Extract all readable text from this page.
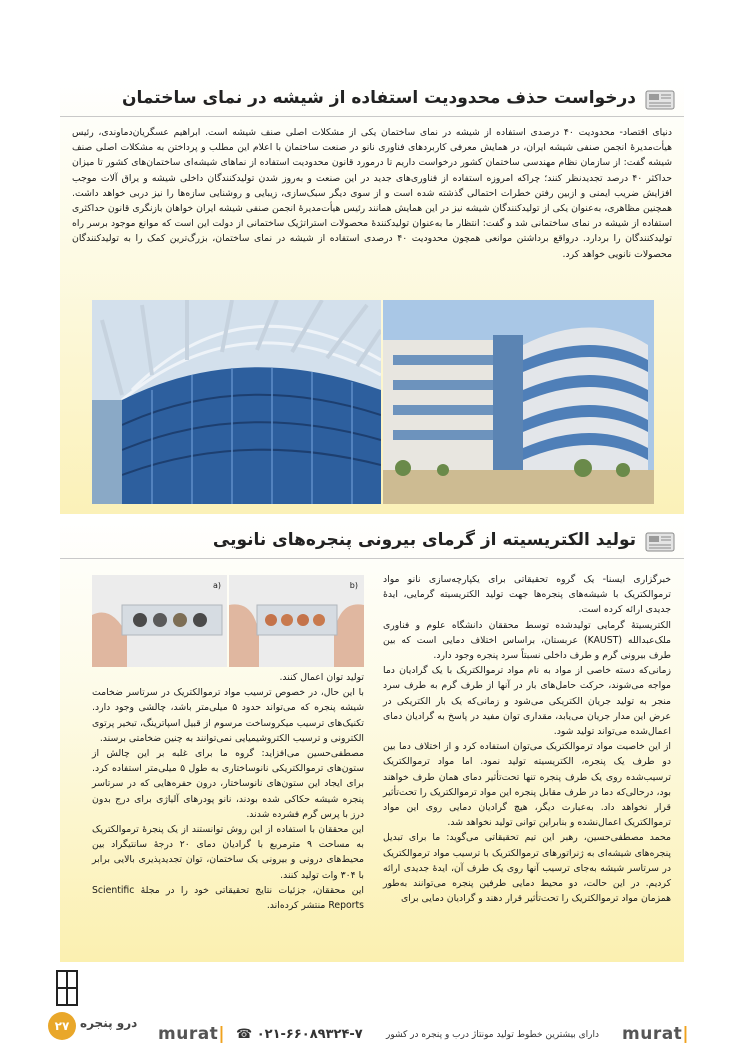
درخواست حذف محدودیت استفاده از شیشه در نمای ساختمان
دنیای اقتصاد- محدودیت ۴۰ درصدی استفاده از شیشه در نمای ساختمان یکی از مشکلات اصلی صنف شیشه است. ابراهیم عسگریان‌دماوندی، رئیس هیأت‌مدیرهٔ انجمن صنفی شیشه ایران، در همایش معرفی کاربردهای فناوری نانو در صنعت ساختمان با اعلام این مطلب و پرداختن به مشکلات اصلی صنف شیشه گفت: از سازمان نظام مهندسی ساختمان کشور درخواست داریم تا درمورد قانون محدودیت استفاده از نماهای شیشه‌ای ساختمان‌های کشور تا میزان حداکثر ۴۰ درصد تجدیدنظر کنند؛ چراکه امروزه استفاده از فناوری‌های جدید در این صنعت و به‌روز شدن تولیدکنندگان داخلی شیشه و یراق آلات موجب افزایش ضریب ایمنی و ازبین رفتن خطرات احتمالی گذشته شده است و از سوی دیگر سبک‌سازی، زیبایی و روشنایی سازه‌ها را نیز دربی خواهد داشت. همچنین مظاهری، به‌عنوان یکی از تولیدکنندگان شیشه نیز در این همایش همانند رئیس هیأت‌مدیرهٔ انجمن صنفی شیشه ایران خواهان بازنگری قانون حداکثری استفاده از شیشه در نمای ساختمانی شد و گفت: انتظار ما به‌عنوان تولیدکنندهٔ محصولات استراتژیک ساختمانی از دولت این است که موانع موجود برسر راه تولیدکنندگان را بردارد. درواقع برداشتن موانعی همچون محدودیت ۴۰ درصدی استفاده از شیشه در نمای ساختمان، بزرگ‌ترین کمک را به تولیدکنندگان محصولات نانویی خواهد کرد.
تولید الکتریسیته از گرمای بیرونی پنجره‌های نانویی
a)	b)

خبرگزاری ایسنا- یک گروه تحقیقاتی برای یکپارچه‌سازی نانو مواد ترموالکتریک با شیشه‌های پنجره‌ها جهت تولید الکتریسیته گرمایی، ایدهٔ جدیدی ارائه کرده است.

الکتریسیتهٔ گرمایی تولیدشده توسط محققان دانشگاه علوم و فناوری ملک‌عبدالله (KAUST) عربستان، براساس اختلاف دمایی است که بین طرف بیرونی گرم و طرف داخلی نسبتاً سرد پنجره وجود دارد.

زمانی‌که دسته خاصی از مواد به نام مواد ترموالکتریک با یک گرادیان دما مواجه می‌شوند، حرکت حامل‌های بار در آنها از طرف گرم به طرف سرد منجر به تولید جریان الکتریکی می‌شود و زمانی‌که یک بار الکتریکی در عرض این مدار جریان می‌یابد، مقداری توان مفید در پاسخ به گرادیان دمای اعمال‌شده می‌تواند تولید شود.

از این خاصیت مواد ترموالکتریک می‌توان استفاده کرد و از اختلاف دما بین دو طرف یک پنجره، الکتریسیته تولید نمود. اما مواد ترموالکتریک ترسیب‌شده روی یک طرف پنجره تنها تحت‌تأثیر دمای همان طرف خواهند بود، درحالی‌که دما در طرف مقابل پنجره این مواد ترموالکتریک را تحت‌تأثیر قرار نخواهد داد. به‌عبارت دیگر، هیچ گرادیان دمایی روی این مواد ترموالکتریک اعمال‌نشده و بنابراین توانی تولید نخواهد شد.

محمد مصطفی‌حسین، رهبر این تیم تحقیقاتی می‌گوید: ما برای تبدیل پنجره‌های شیشه‌ای به ژنراتورهای ترموالکتریک با ترسیب مواد ترموالکتریک در سرتاسر شیشه به‌جای ترسیب آنها روی یک طرف آن، ایدهٔ جدیدی ارائه کردیم. در این حالت، دو محیط دمایی طرفین پنجره می‌توانند به‌طور همزمان مواد ترموالکتریک را تحت‌تأثیر قرار دهند و گرادیان دمایی برای

تولید توان اعمال کنند.

با این حال، در خصوص ترسیب مواد ترموالکتریک در سرتاسر ضخامت شیشه پنجره که می‌تواند حدود ۵ میلی‌متر باشد، چالشی وجود دارد. تکنیک‌های ترسیب میکروساخت مرسوم از قبیل اسپاترینگ، تبخیر پرتوی الکترونی و ترسیب الکتروشیمیایی نمی‌توانند به چنین ضخامتی برسند.

مصطفی‌حسین می‌افزاید: گروه ما برای غلبه بر این چالش از ستون‌های ترموالکتریکی نانوساختاری به طول ۵ میلی‌متر استفاده کرد. برای ایجاد این ستون‌های نانوساختار، درون حفره‌هایی که در سرتاسر پنجره شیشه حکاکی شده بودند، نانو پودرهای آلیاژی برای درج بدون درز با پرس گرم فشرده شدند.

این محققان با استفاده از این روش توانستند از یک پنجرهٔ ترموالکتریک به مساحت ۹ مترمربع با گرادیان دمای ۲۰ درجهٔ سانتیگراد بین محیط‌های درونی و بیرونی یک ساختمان، توان تجدیدپذیری بالایی برابر با ۳۰۴ وات تولید کنند.

این محققان، جزئیات نتایج تحقیقاتی خود را در مجلهٔ Scientific Reports منتشر کرده‌اند.

murat| ☎ ۰۲۱-۶۶۰۸۹۳۲۴-۷	دارای بیشترین خطوط تولید مونتاژ درب و پنجره در کشور murat|
درو پنجره
۲۷
